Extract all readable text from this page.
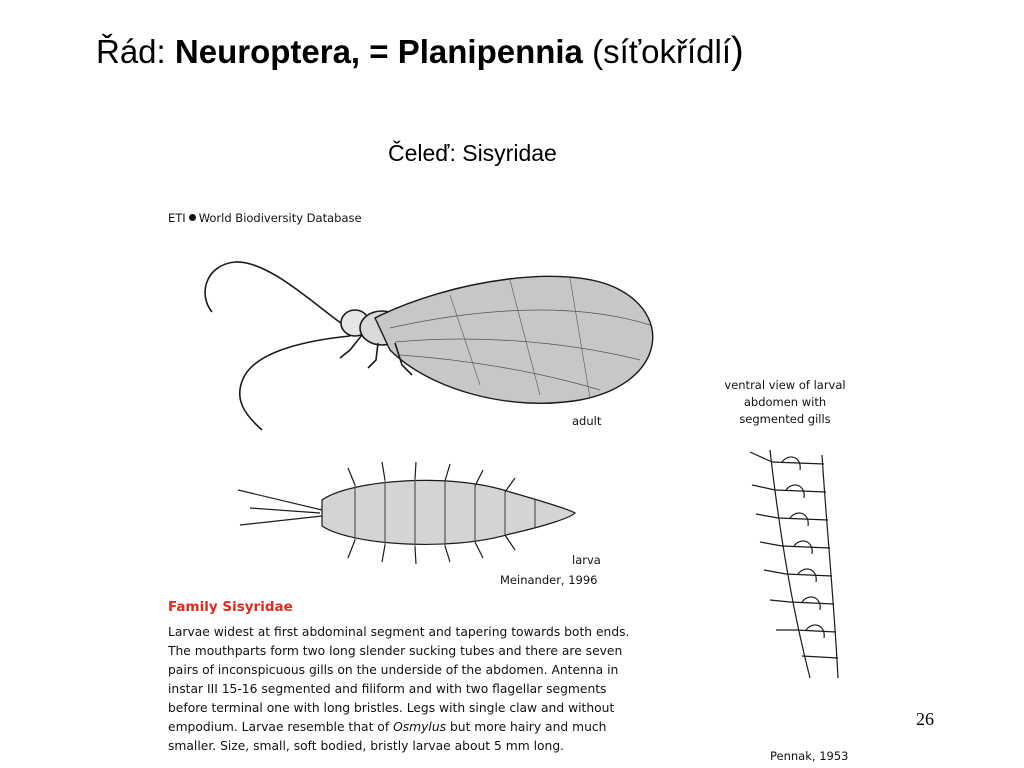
Řád: Neuroptera, = Planipennia (síťokřídlí)
Čeleď: Sisyridae
ETI World Biodiversity Database
adult
larva
Meinander, 1996
ventral view of larval abdomen with segmented gills
Pennak, 1953
Family Sisyridae
Larvae widest at first abdominal segment and tapering towards both ends.
The mouthparts form two long slender sucking tubes and there are seven
pairs of inconspicuous gills on the underside of the abdomen. Antenna in
instar III 15-16 segmented and filiform and with two flagellar segments
before terminal one with long bristles. Legs with single claw and without
empodium. Larvae resemble that of Osmylus but more hairy and much
smaller. Size, small, soft bodied, bristly larvae about 5 mm long.
26
